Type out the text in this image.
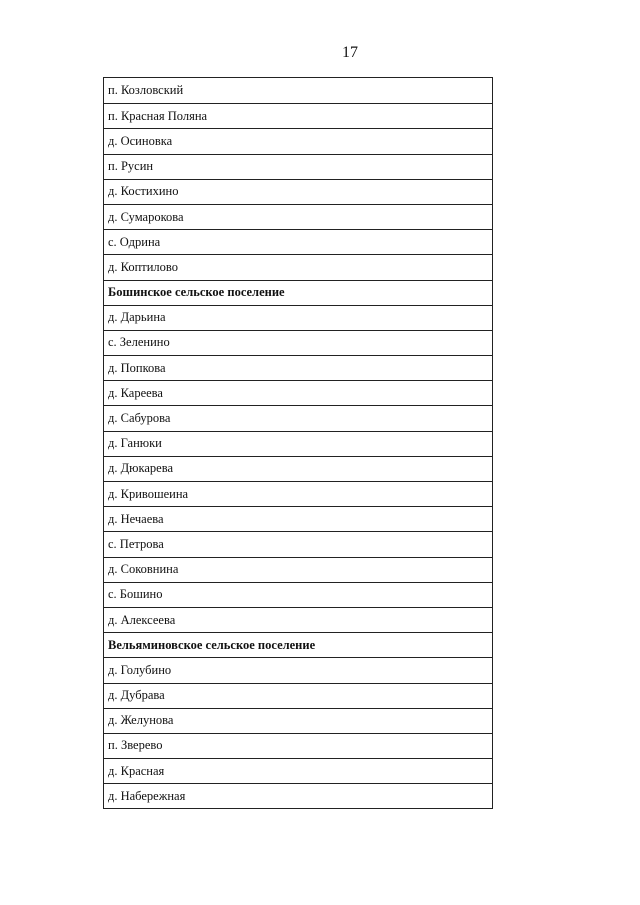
17
п. Козловский
п. Красная Поляна
д. Осиновка
п. Русин
д. Костихино
д. Сумарокова
с. Одрина
д. Коптилово
Бошинское сельское поселение
д. Дарьина
с. Зеленино
д. Попкова
д. Кареева
д. Сабурова
д. Ганюки
д. Дюкарева
д. Кривошеина
д. Нечаева
с. Петрова
д. Соковнина
с. Бошино
д. Алексеева
Вельяминовское сельское поселение
д. Голубино
д. Дубрава
д. Желунова
п. Зверево
д. Красная
д. Набережная
